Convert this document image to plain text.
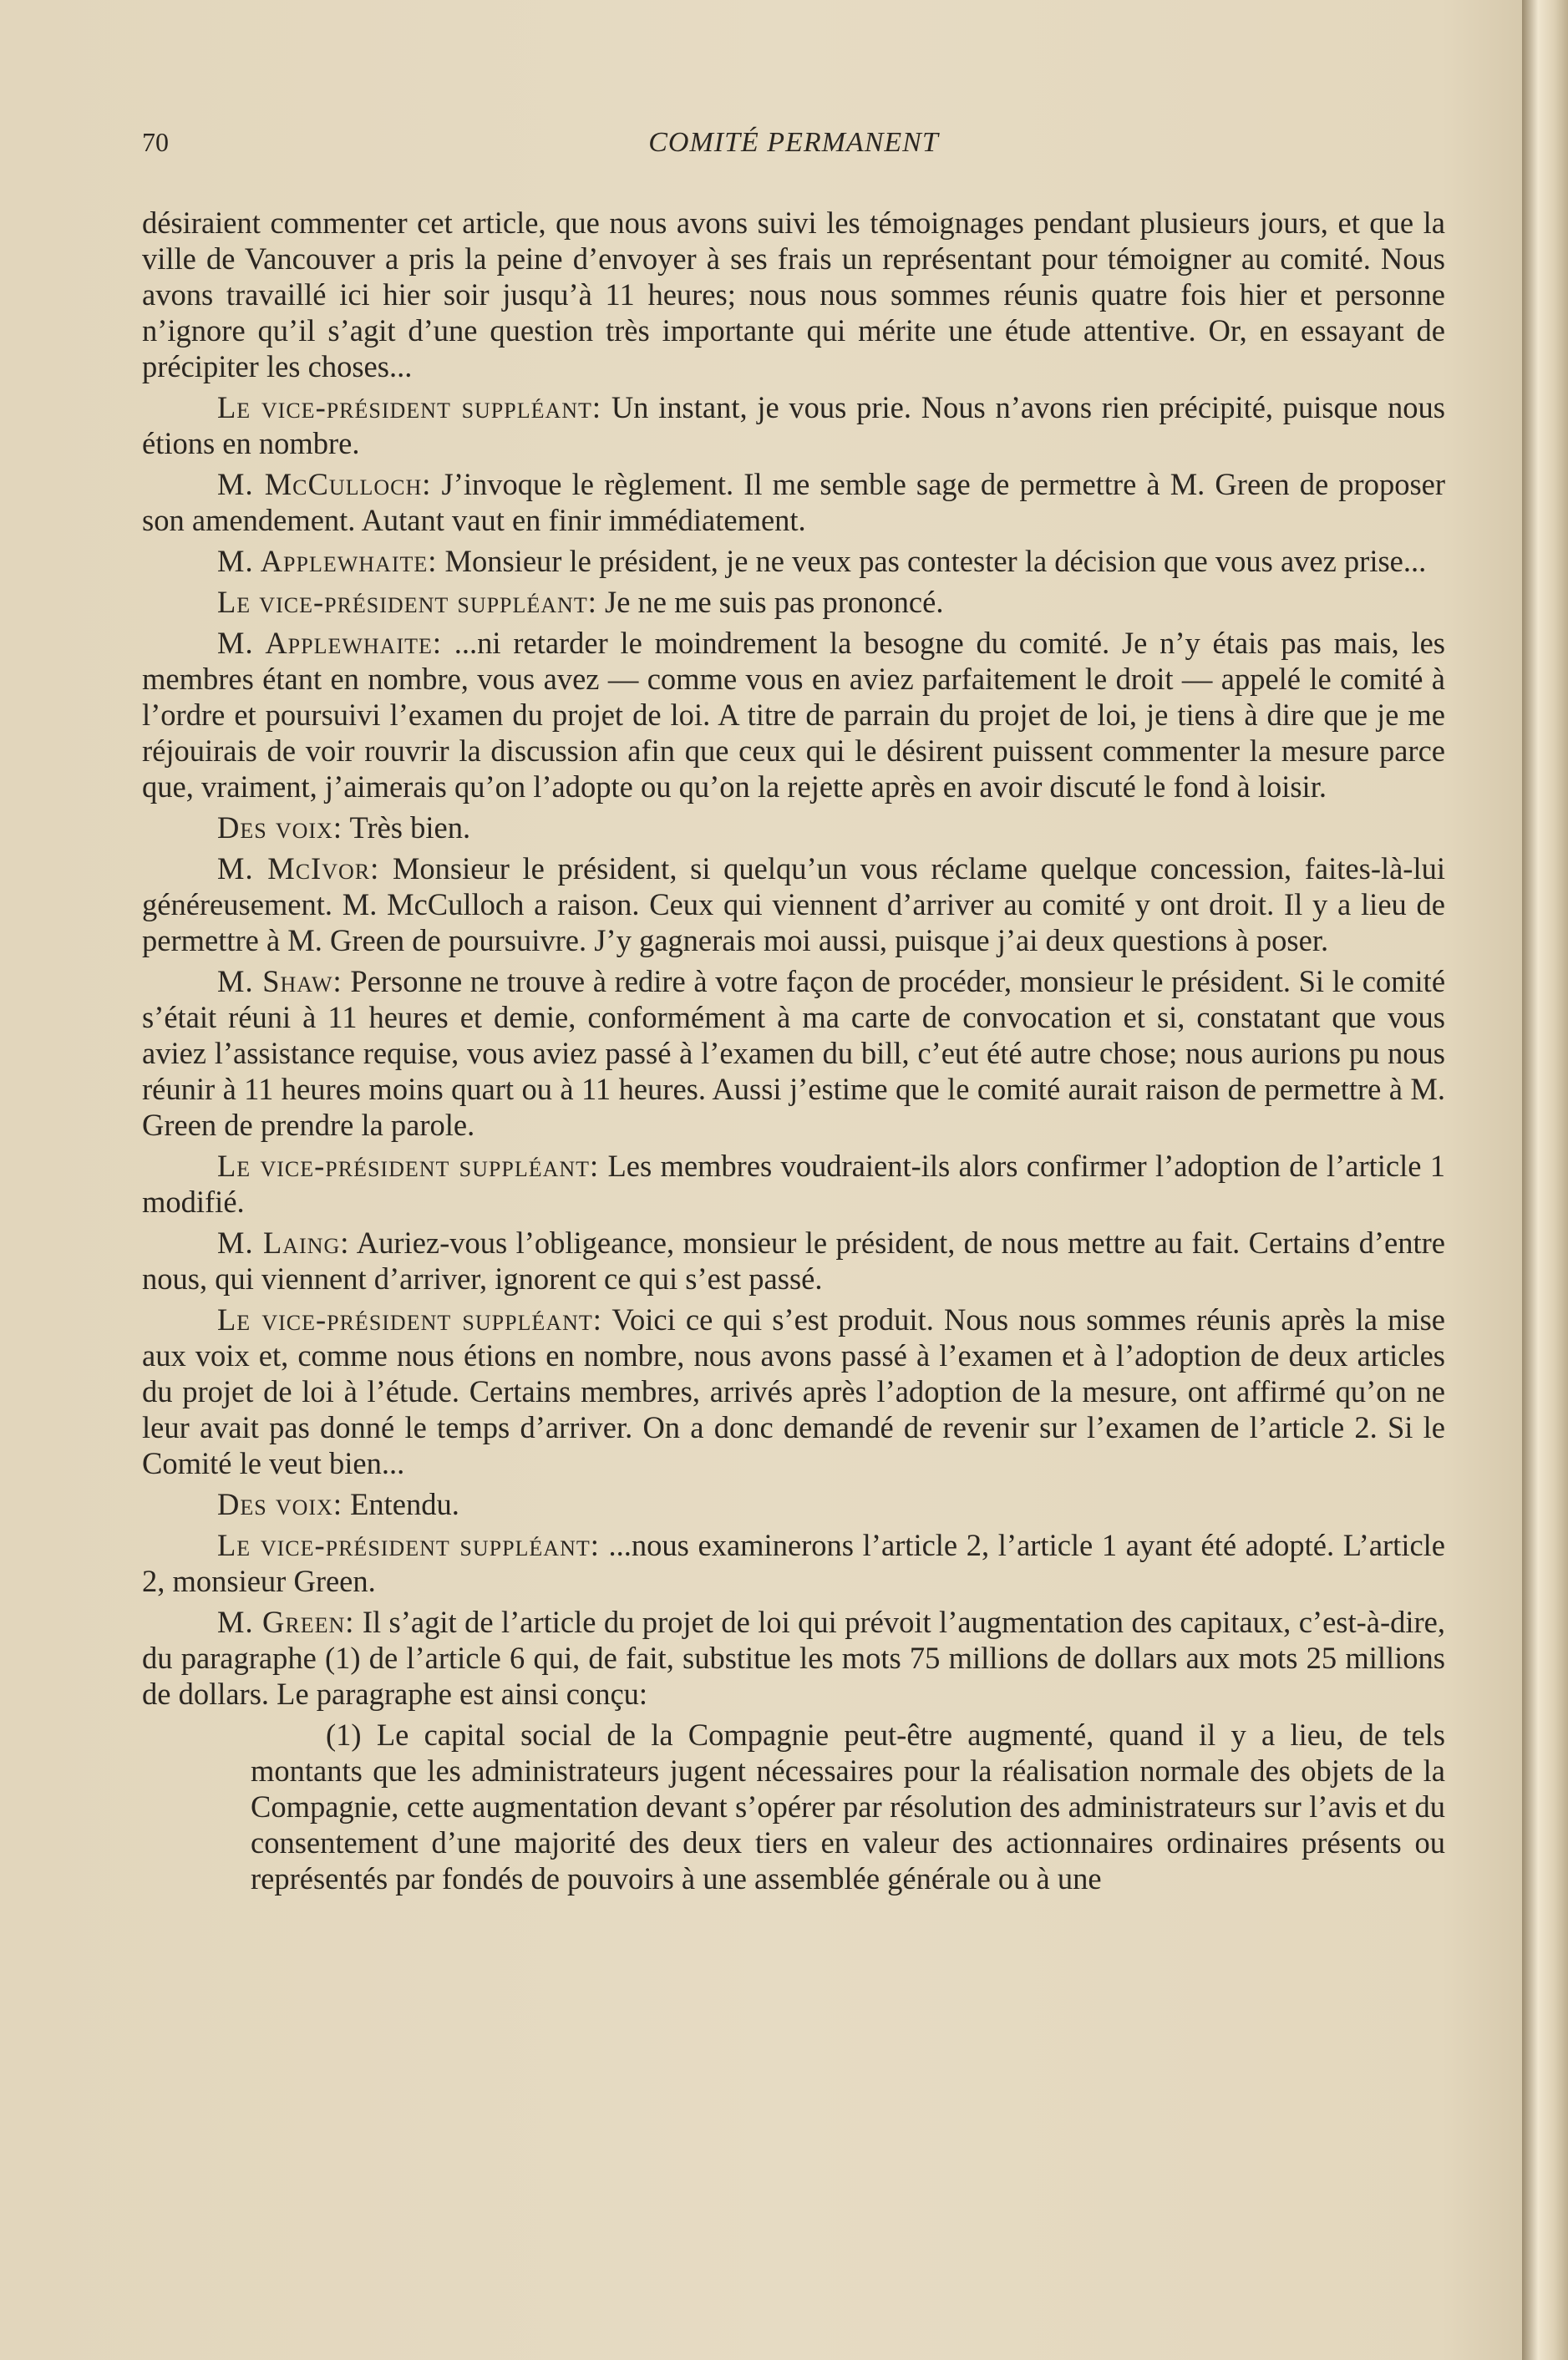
70	COMITÉ PERMANENT

désiraient commenter cet article, que nous avons suivi les témoignages pendant plusieurs jours, et que la ville de Vancouver a pris la peine d’envoyer à ses frais un représentant pour témoigner au comité. Nous avons travaillé ici hier soir jusqu’à 11 heures; nous nous sommes réunis quatre fois hier et personne n’ignore qu’il s’agit d’une question très importante qui mérite une étude attentive. Or, en essayant de précipiter les choses...

Le vice-président suppléant: Un instant, je vous prie. Nous n’avons rien précipité, puisque nous étions en nombre.

M. McCulloch: J’invoque le règlement. Il me semble sage de permettre à M. Green de proposer son amendement. Autant vaut en finir immédiatement.

M. Applewhaite: Monsieur le président, je ne veux pas contester la décision que vous avez prise...

Le vice-président suppléant: Je ne me suis pas prononcé.

M. Applewhaite: ...ni retarder le moindrement la besogne du comité. Je n’y étais pas mais, les membres étant en nombre, vous avez — comme vous en aviez parfaitement le droit — appelé le comité à l’ordre et poursuivi l’examen du projet de loi. A titre de parrain du projet de loi, je tiens à dire que je me réjouirais de voir rouvrir la discussion afin que ceux qui le désirent puissent commenter la mesure parce que, vraiment, j’aimerais qu’on l’adopte ou qu’on la rejette après en avoir discuté le fond à loisir.

Des voix: Très bien.

M. McIvor: Monsieur le président, si quelqu’un vous réclame quelque concession, faites-là-lui généreusement. M. McCulloch a raison. Ceux qui viennent d’arriver au comité y ont droit. Il y a lieu de permettre à M. Green de poursuivre. J’y gagnerais moi aussi, puisque j’ai deux questions à poser.

M. Shaw: Personne ne trouve à redire à votre façon de procéder, monsieur le président. Si le comité s’était réuni à 11 heures et demie, conformément à ma carte de convocation et si, constatant que vous aviez l’assistance requise, vous aviez passé à l’examen du bill, c’eut été autre chose; nous aurions pu nous réunir à 11 heures moins quart ou à 11 heures. Aussi j’estime que le comité aurait raison de permettre à M. Green de prendre la parole.

Le vice-président suppléant: Les membres voudraient-ils alors confirmer l’adoption de l’article 1 modifié.

M. Laing: Auriez-vous l’obligeance, monsieur le président, de nous mettre au fait. Certains d’entre nous, qui viennent d’arriver, ignorent ce qui s’est passé.

Le vice-président suppléant: Voici ce qui s’est produit. Nous nous sommes réunis après la mise aux voix et, comme nous étions en nombre, nous avons passé à l’examen et à l’adoption de deux articles du projet de loi à l’étude. Certains membres, arrivés après l’adoption de la mesure, ont affirmé qu’on ne leur avait pas donné le temps d’arriver. On a donc demandé de revenir sur l’examen de l’article 2. Si le Comité le veut bien...

Des voix: Entendu.

Le vice-président suppléant: ...nous examinerons l’article 2, l’article 1 ayant été adopté. L’article 2, monsieur Green.

M. Green: Il s’agit de l’article du projet de loi qui prévoit l’augmentation des capitaux, c’est-à-dire, du paragraphe (1) de l’article 6 qui, de fait, substitue les mots 75 millions de dollars aux mots 25 millions de dollars. Le paragraphe est ainsi conçu:

(1) Le capital social de la Compagnie peut-être augmenté, quand il y a lieu, de tels montants que les administrateurs jugent nécessaires pour la réalisation normale des objets de la Compagnie, cette augmentation devant s’opérer par résolution des administrateurs sur l’avis et du consentement d’une majorité des deux tiers en valeur des actionnaires ordinaires présents ou représentés par fondés de pouvoirs à une assemblée générale ou à une
